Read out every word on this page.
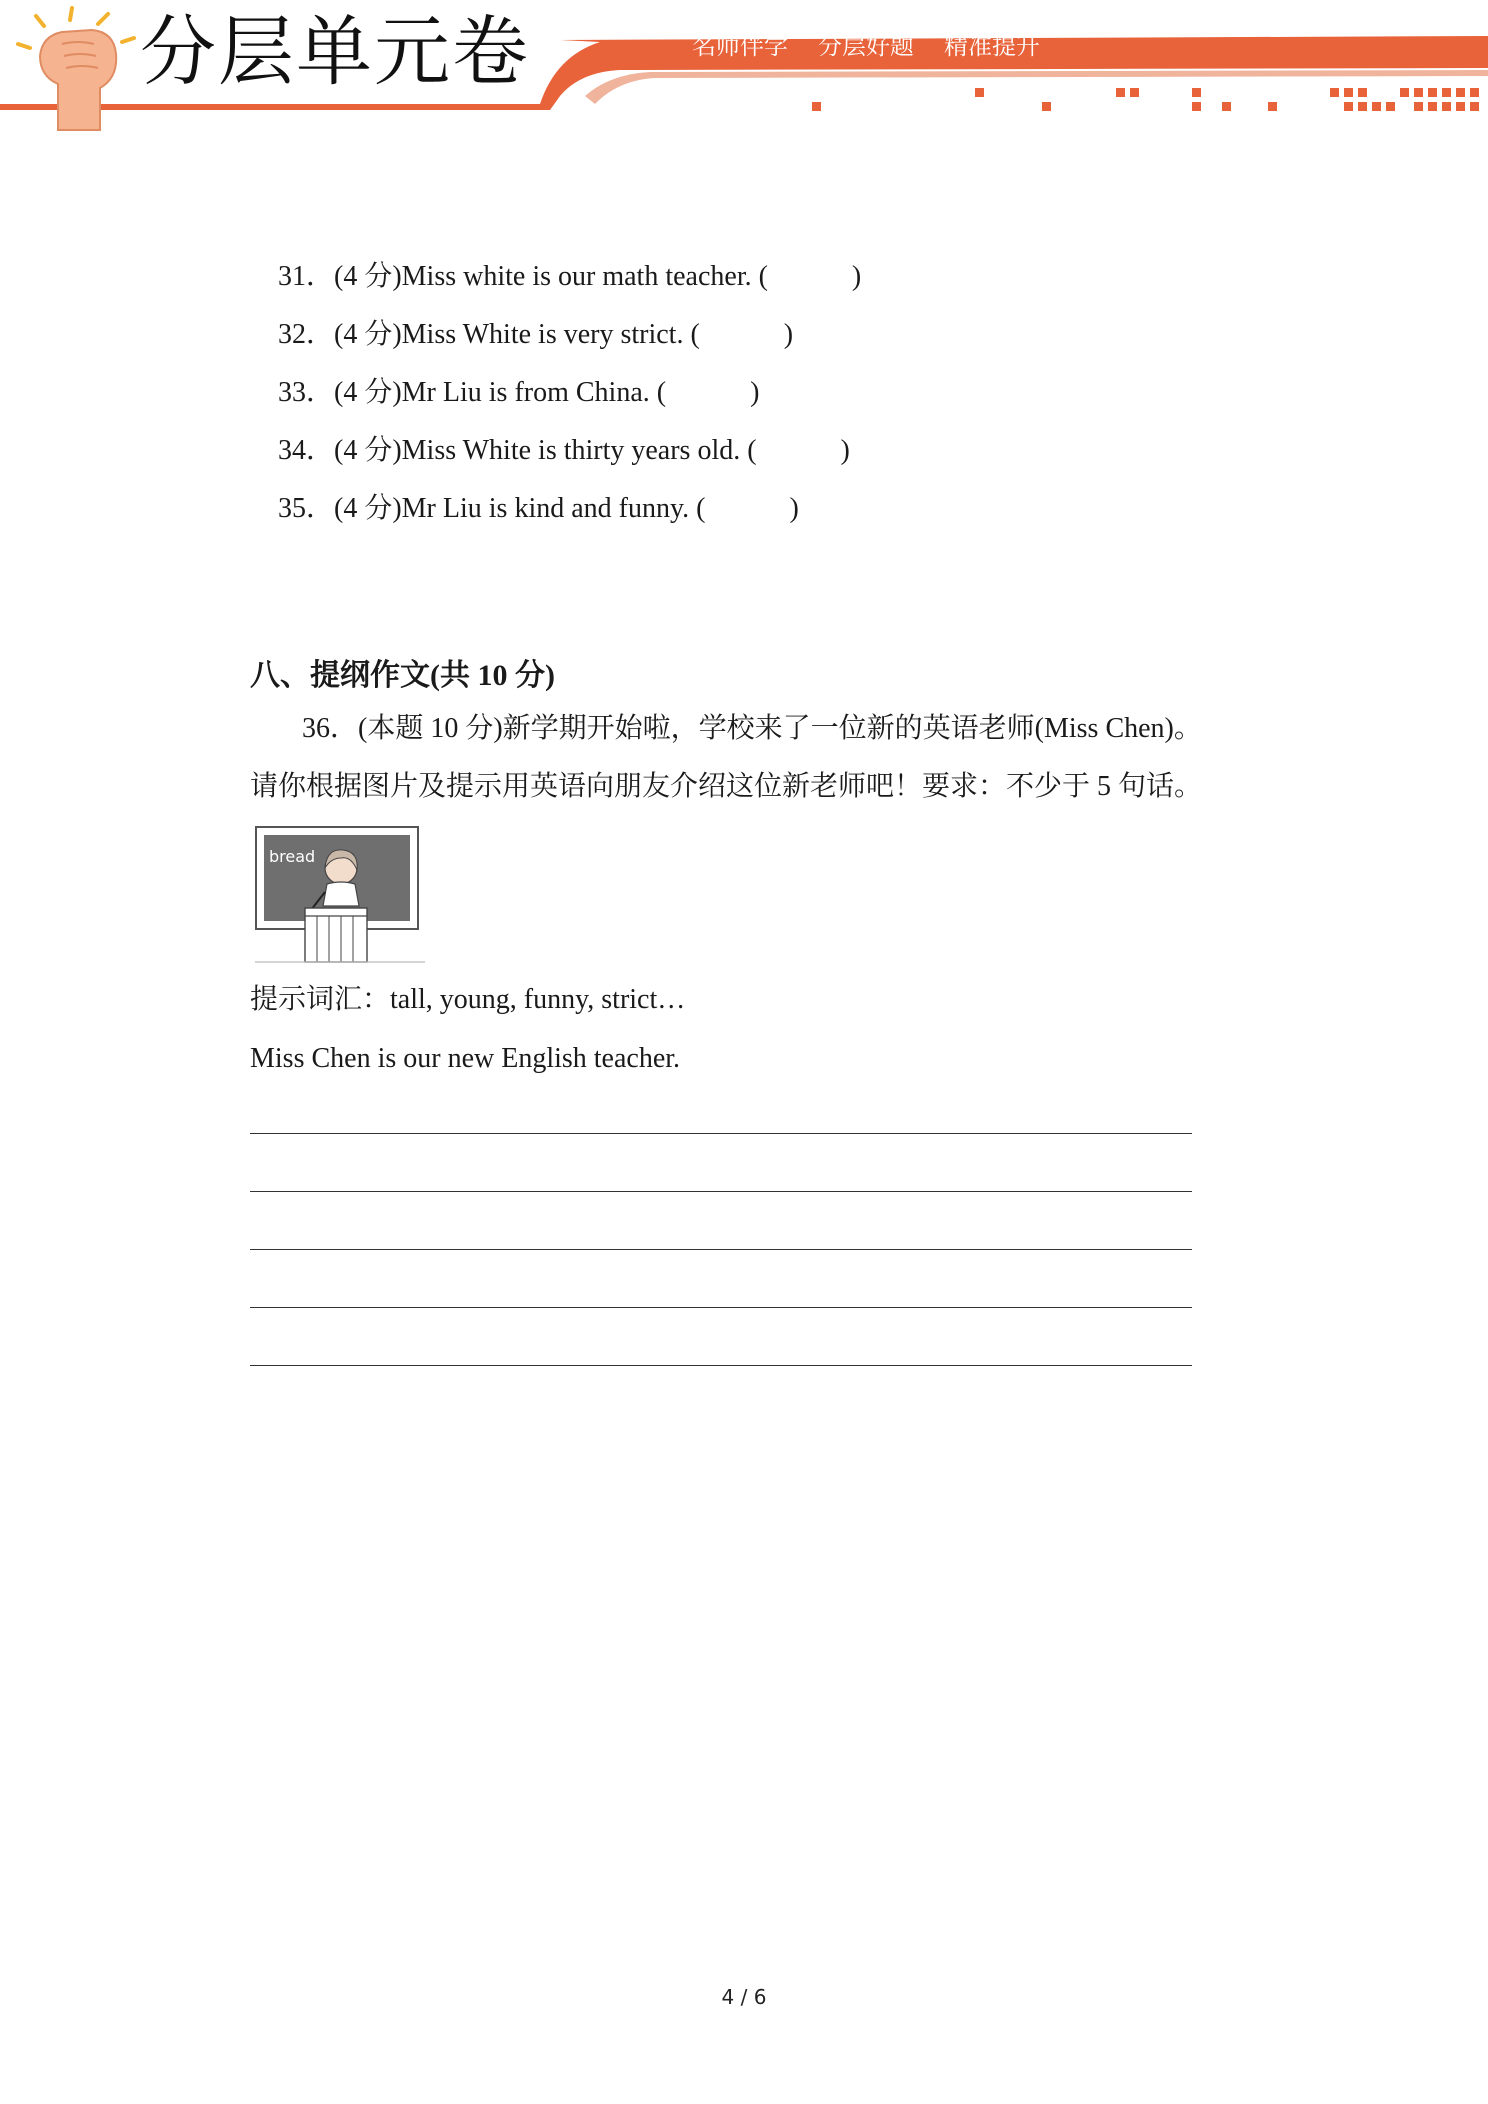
分层单元卷	名师伴学 分层好题 精准提升

31．(4 分)Miss white is our math teacher. (            )

32．(4 分)Miss White is very strict. (            )

33．(4 分)Mr Liu is from China. (            )

34．(4 分)Miss White is thirty years old. (            )

35．(4 分)Mr Liu is kind and funny. (            )

八、提纲作文(共 10 分)
36．(本题 10 分)新学期开始啦，学校来了一位新的英语老师(Miss Chen)。
请你根据图片及提示用英语向朋友介绍这位新老师吧！要求：不少于 5 句话。
bread
提示词汇：tall, young, funny, strict…
Miss Chen is our new English teacher.
4 / 6
